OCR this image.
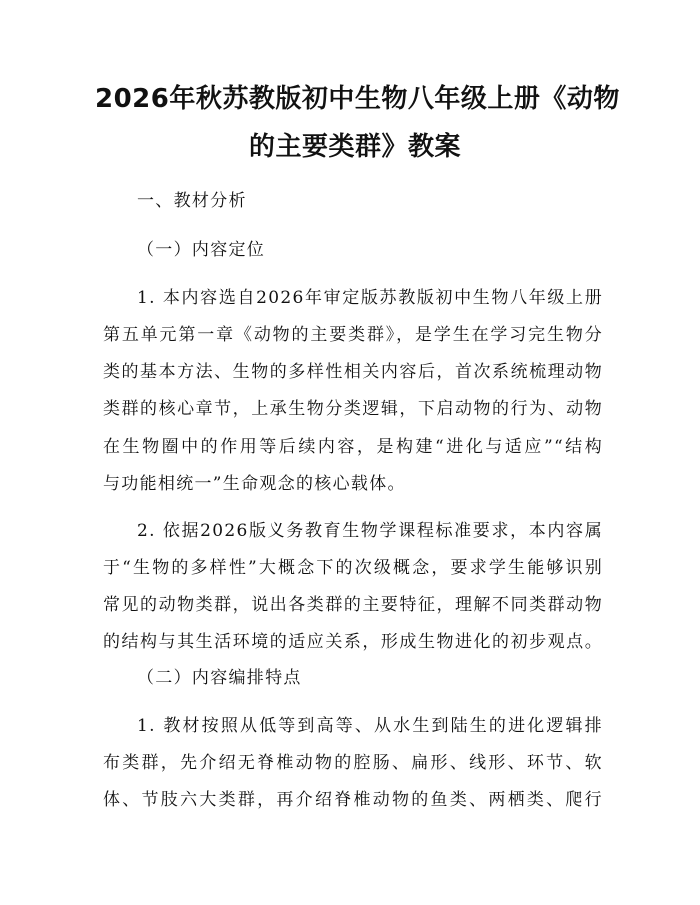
2026年秋苏教版初中生物八年级上册《动物
的主要类群》教案
一、教材分析
（一）内容定位
1. 本内容选自2026年审定版苏教版初中生物八年级上册
第五单元第一章《动物的主要类群》，是学生在学习完生物分
类的基本方法、生物的多样性相关内容后，首次系统梳理动物
类群的核心章节，上承生物分类逻辑，下启动物的行为、动物
在生物圈中的作用等后续内容，是构建“进化与适应”“结构
与功能相统一”生命观念的核心载体。
2. 依据2026版义务教育生物学课程标准要求，本内容属
于“生物的多样性”大概念下的次级概念，要求学生能够识别
常见的动物类群，说出各类群的主要特征，理解不同类群动物
的结构与其生活环境的适应关系，形成生物进化的初步观点。
（二）内容编排特点
1. 教材按照从低等到高等、从水生到陆生的进化逻辑排
布类群，先介绍无脊椎动物的腔肠、扁形、线形、环节、软
体、节肢六大类群，再介绍脊椎动物的鱼类、两栖类、爬行
